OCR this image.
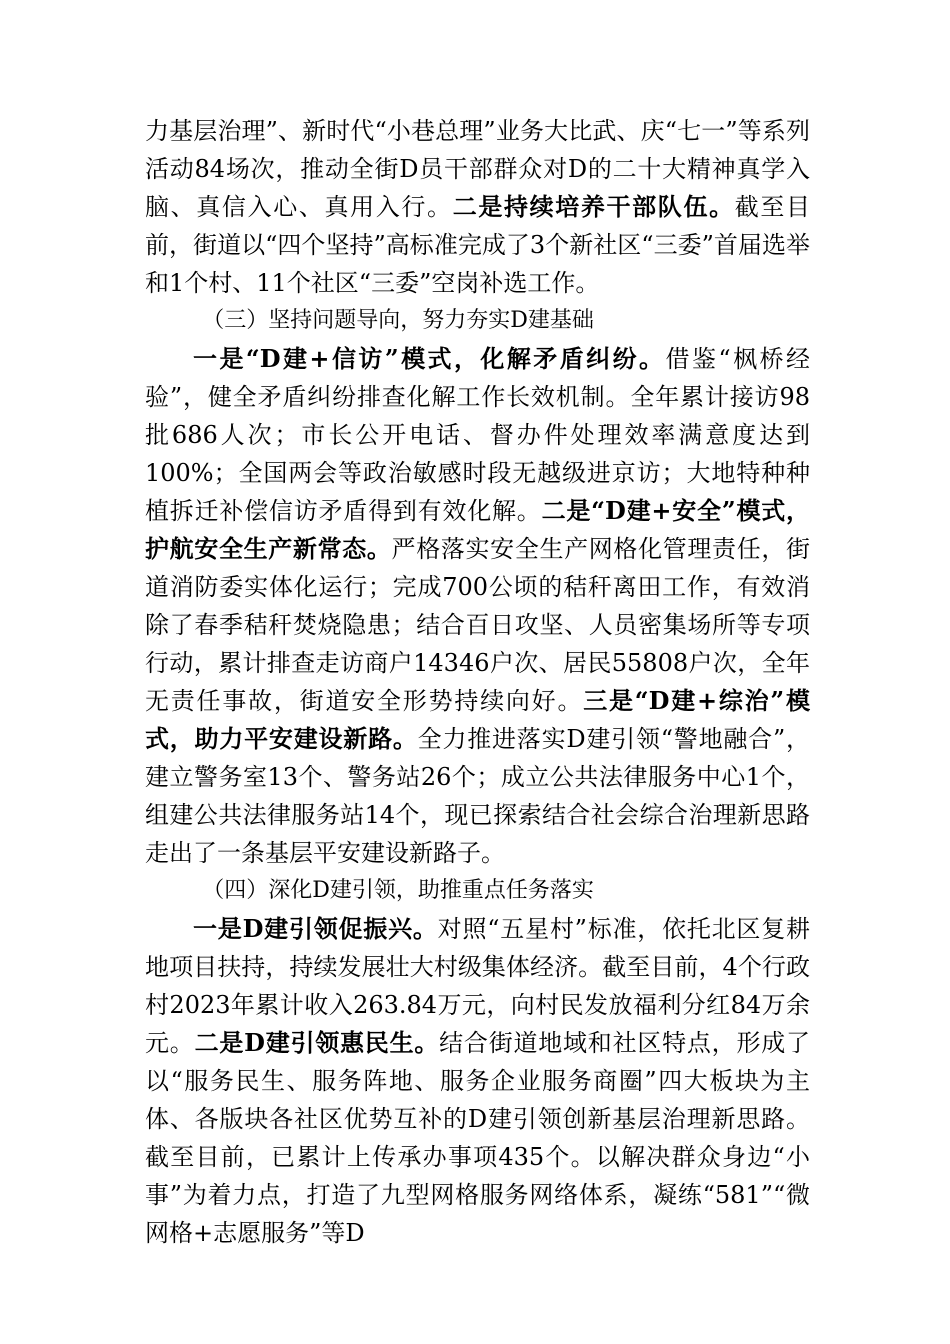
力基层治理”、新时代“小巷总理”业务大比武、庆“七一”等系列活动84场次，推动全街D员干部群众对D的二十大精神真学入脑、真信入心、真用入行。二是持续培养干部队伍。截至目前，街道以“四个坚持”高标准完成了3个新社区“三委”首届选举和1个村、11个社区“三委”空岗补选工作。

（三）坚持问题导向，努力夯实D建基础

一是“D建+信访”模式，化解矛盾纠纷。借鉴“枫桥经验”，健全矛盾纠纷排查化解工作长效机制。全年累计接访98批686人次；市长公开电话、督办件处理效率满意度达到100%；全国两会等政治敏感时段无越级进京访；大地特种种植拆迁补偿信访矛盾得到有效化解。二是“D建+安全”模式，护航安全生产新常态。严格落实安全生产网格化管理责任，街道消防委实体化运行；完成700公顷的秸秆离田工作，有效消除了春季秸秆焚烧隐患；结合百日攻坚、人员密集场所等专项行动，累计排查走访商户14346户次、居民55808户次，全年无责任事故，街道安全形势持续向好。三是“D建+综治”模式，助力平安建设新路。全力推进落实D建引领“警地融合”，建立警务室13个、警务站26个；成立公共法律服务中心1个，组建公共法律服务站14个，现已探索结合社会综合治理新思路走出了一条基层平安建设新路子。

（四）深化D建引领，助推重点任务落实

一是D建引领促振兴。对照“五星村”标准，依托北区复耕地项目扶持，持续发展壮大村级集体经济。截至目前，4个行政村2023年累计收入263.84万元，向村民发放福利分红84万余元。二是D建引领惠民生。结合街道地域和社区特点，形成了以“服务民生、服务阵地、服务企业服务商圈”四大板块为主体、各版块各社区优势互补的D建引领创新基层治理新思路。截至目前，已累计上传承办事项435个。以解决群众身边“小事”为着力点，打造了九型网格服务网络体系，凝练“581”“微网格+志愿服务”等D
